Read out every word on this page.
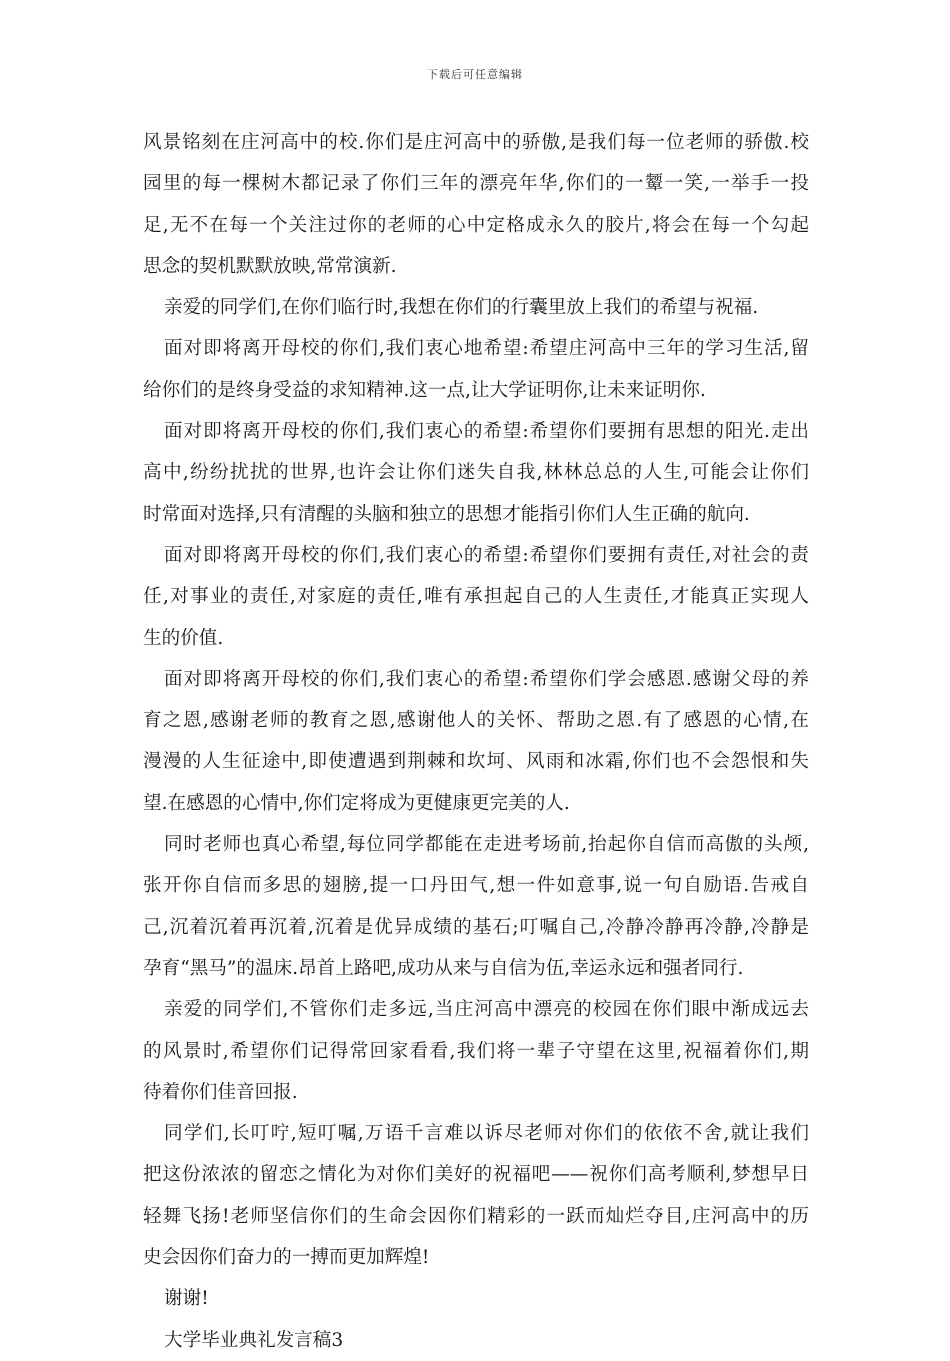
下载后可任意编辑
风景铭刻在庄河高中的校.你们是庄河高中的骄傲,是我们每一位老师的骄傲.校
园里的每一棵树木都记录了你们三年的漂亮年华,你们的一颦一笑,一举手一投
足,无不在每一个关注过你的老师的心中定格成永久的胶片,将会在每一个勾起
思念的契机默默放映,常常演新.
亲爱的同学们,在你们临行时,我想在你们的行囊里放上我们的希望与祝福.
面对即将离开母校的你们,我们衷心地希望:希望庄河高中三年的学习生活,留
给你们的是终身受益的求知精神.这一点,让大学证明你,让未来证明你.
面对即将离开母校的你们,我们衷心的希望:希望你们要拥有思想的阳光.走出
高中,纷纷扰扰的世界,也许会让你们迷失自我,林林总总的人生,可能会让你们
时常面对选择,只有清醒的头脑和独立的思想才能指引你们人生正确的航向.
面对即将离开母校的你们,我们衷心的希望:希望你们要拥有责任,对社会的责
任,对事业的责任,对家庭的责任,唯有承担起自己的人生责任,才能真正实现人
生的价值.
面对即将离开母校的你们,我们衷心的希望:希望你们学会感恩.感谢父母的养
育之恩,感谢老师的教育之恩,感谢他人的关怀、帮助之恩.有了感恩的心情,在
漫漫的人生征途中,即使遭遇到荆棘和坎坷、风雨和冰霜,你们也不会怨恨和失
望.在感恩的心情中,你们定将成为更健康更完美的人.
同时老师也真心希望,每位同学都能在走进考场前,抬起你自信而高傲的头颅,
张开你自信而多思的翅膀,提一口丹田气,想一件如意事,说一句自励语.告戒自
己,沉着沉着再沉着,沉着是优异成绩的基石;叮嘱自己,冷静冷静再冷静,冷静是
孕育“黑马”的温床.昂首上路吧,成功从来与自信为伍,幸运永远和强者同行.
亲爱的同学们,不管你们走多远,当庄河高中漂亮的校园在你们眼中渐成远去
的风景时,希望你们记得常回家看看,我们将一辈子守望在这里,祝福着你们,期
待着你们佳音回报.
同学们,长叮咛,短叮嘱,万语千言难以诉尽老师对你们的依依不舍,就让我们
把这份浓浓的留恋之情化为对你们美好的祝福吧——祝你们高考顺利,梦想早日
轻舞飞扬!老师坚信你们的生命会因你们精彩的一跃而灿烂夺目,庄河高中的历
史会因你们奋力的一搏而更加辉煌!
谢谢!
大学毕业典礼发言稿3
